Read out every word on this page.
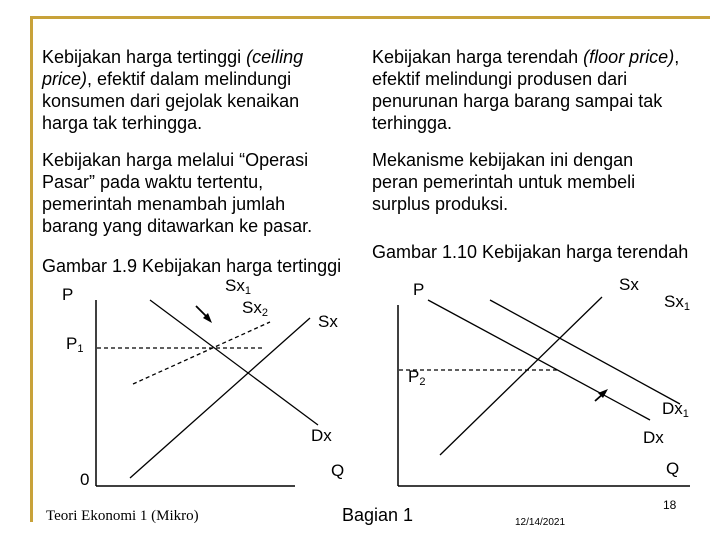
Kebijakan harga tertinggi (ceiling price), efektif dalam melindungi konsumen dari gejolak kenaikan harga tak terhingga.
Kebijakan harga terendah (floor price), efektif melindungi produsen dari penurunan harga barang sampai tak terhingga.
Kebijakan harga melalui “Operasi Pasar” pada waktu tertentu, pemerintah menambah jumlah barang yang ditawarkan ke pasar.
Mekanisme kebijakan ini dengan peran pemerintah untuk membeli surplus produksi.
Gambar 1.9 Kebijakan harga tertinggi
Gambar 1.10 Kebijakan harga terendah
P
0	Q
$Sx_1$
$Sx_2$	Sx
Dx
$P_1$
P	Sx
$Sx_1$
$P_2$
$Dx_1$
Dx
Q
Teori Ekonomi 1 (Mikro)	Bagian 1	12/14/2021
18
